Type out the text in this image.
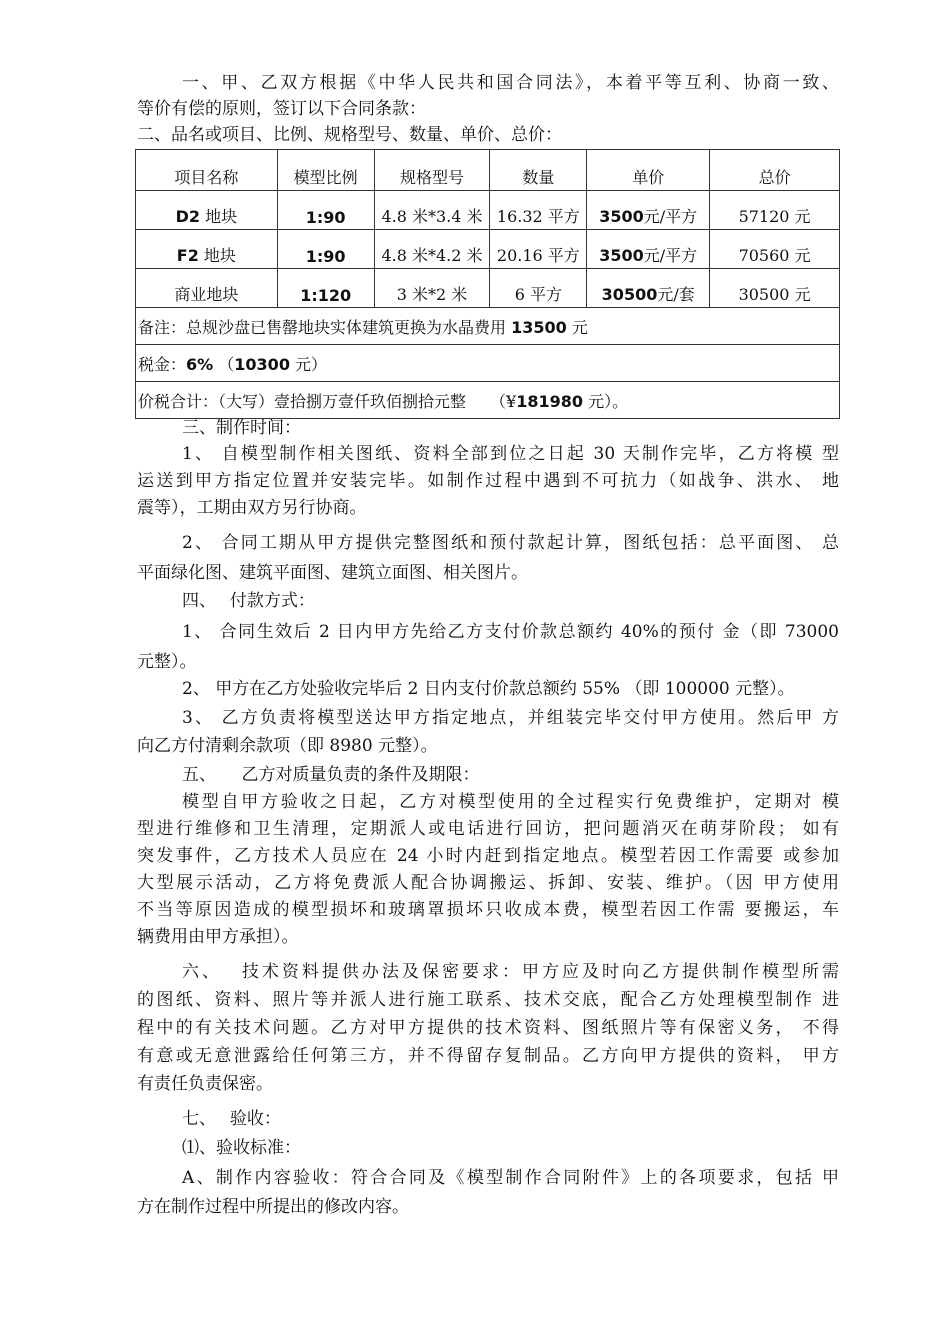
一、甲、乙双方根据《中华人民共和国合同法》，本着平等互利、协商一致、
等价有偿的原则，签订以下合同条款：
二、品名或项目、比例、规格型号、数量、单价、总价：
项目名称	模型比例	规格型号	数量	单价	总价
D2 地块	1:90	4.8 米*3.4 米	16.32 平方	3500元/平方	57120 元
F2 地块	1:90	4.8 米*4.2 米	20.16 平方	3500元/平方	70560 元
商业地块	1:120	3 米*2 米	6 平方	30500元/套	30500 元
备注：总规沙盘已售罄地块实体建筑更换为水晶费用 13500 元					
税金：6% （10300 元）					
价税合计：（大写）壹拾捌万壹仟玖佰捌拾元整　　（¥181980 元）。					
三、制作时间：
1、 自模型制作相关图纸、资料全部到位之日起 30 天制作完毕，乙方将模 型
运送到甲方指定位置并安装完毕。如制作过程中遇到不可抗力（如战争、洪水、 地
震等），工期由双方另行协商。
2、 合同工期从甲方提供完整图纸和预付款起计算，图纸包括：总平面图、 总
平面绿化图、建筑平面图、建筑立面图、相关图片。
四、　 付款方式：
1、 合同生效后 2 日内甲方先给乙方支付价款总额约 40%的预付 金（即 73000
元整）。
2、 甲方在乙方处验收完毕后 2 日内支付价款总额约 55% （即 100000 元整）。
3、 乙方负责将模型送达甲方指定地点，并组装完毕交付甲方使用。然后甲 方
向乙方付清剩余款项（即 8980 元整）。
五、　　乙方对质量负责的条件及期限：
模型自甲方验收之日起，乙方对模型使用的全过程实行免费维护，定期对 模
型进行维修和卫生清理，定期派人或电话进行回访，把问题消灭在萌芽阶段； 如有
突发事件，乙方技术人员应在 24 小时内赶到指定地点。模型若因工作需要 或参加
大型展示活动，乙方将免费派人配合协调搬运、拆卸、安装、维护。（因 甲方使用
不当等原因造成的模型损坏和玻璃罩损坏只收成本费，模型若因工作需 要搬运，车
辆费用由甲方承担）。
六、　 技术资料提供办法及保密要求：甲方应及时向乙方提供制作模型所需
的图纸、资料、照片等并派人进行施工联系、技术交底，配合乙方处理模型制作 进
程中的有关技术问题。乙方对甲方提供的技术资料、图纸照片等有保密义务， 不得
有意或无意泄露给任何第三方，并不得留存复制品。乙方向甲方提供的资料， 甲方
有责任负责保密。
七、　 验收：
⑴、验收标准：
A、制作内容验收：符合合同及《模型制作合同附件》上的各项要求，包括 甲
方在制作过程中所提出的修改内容。
